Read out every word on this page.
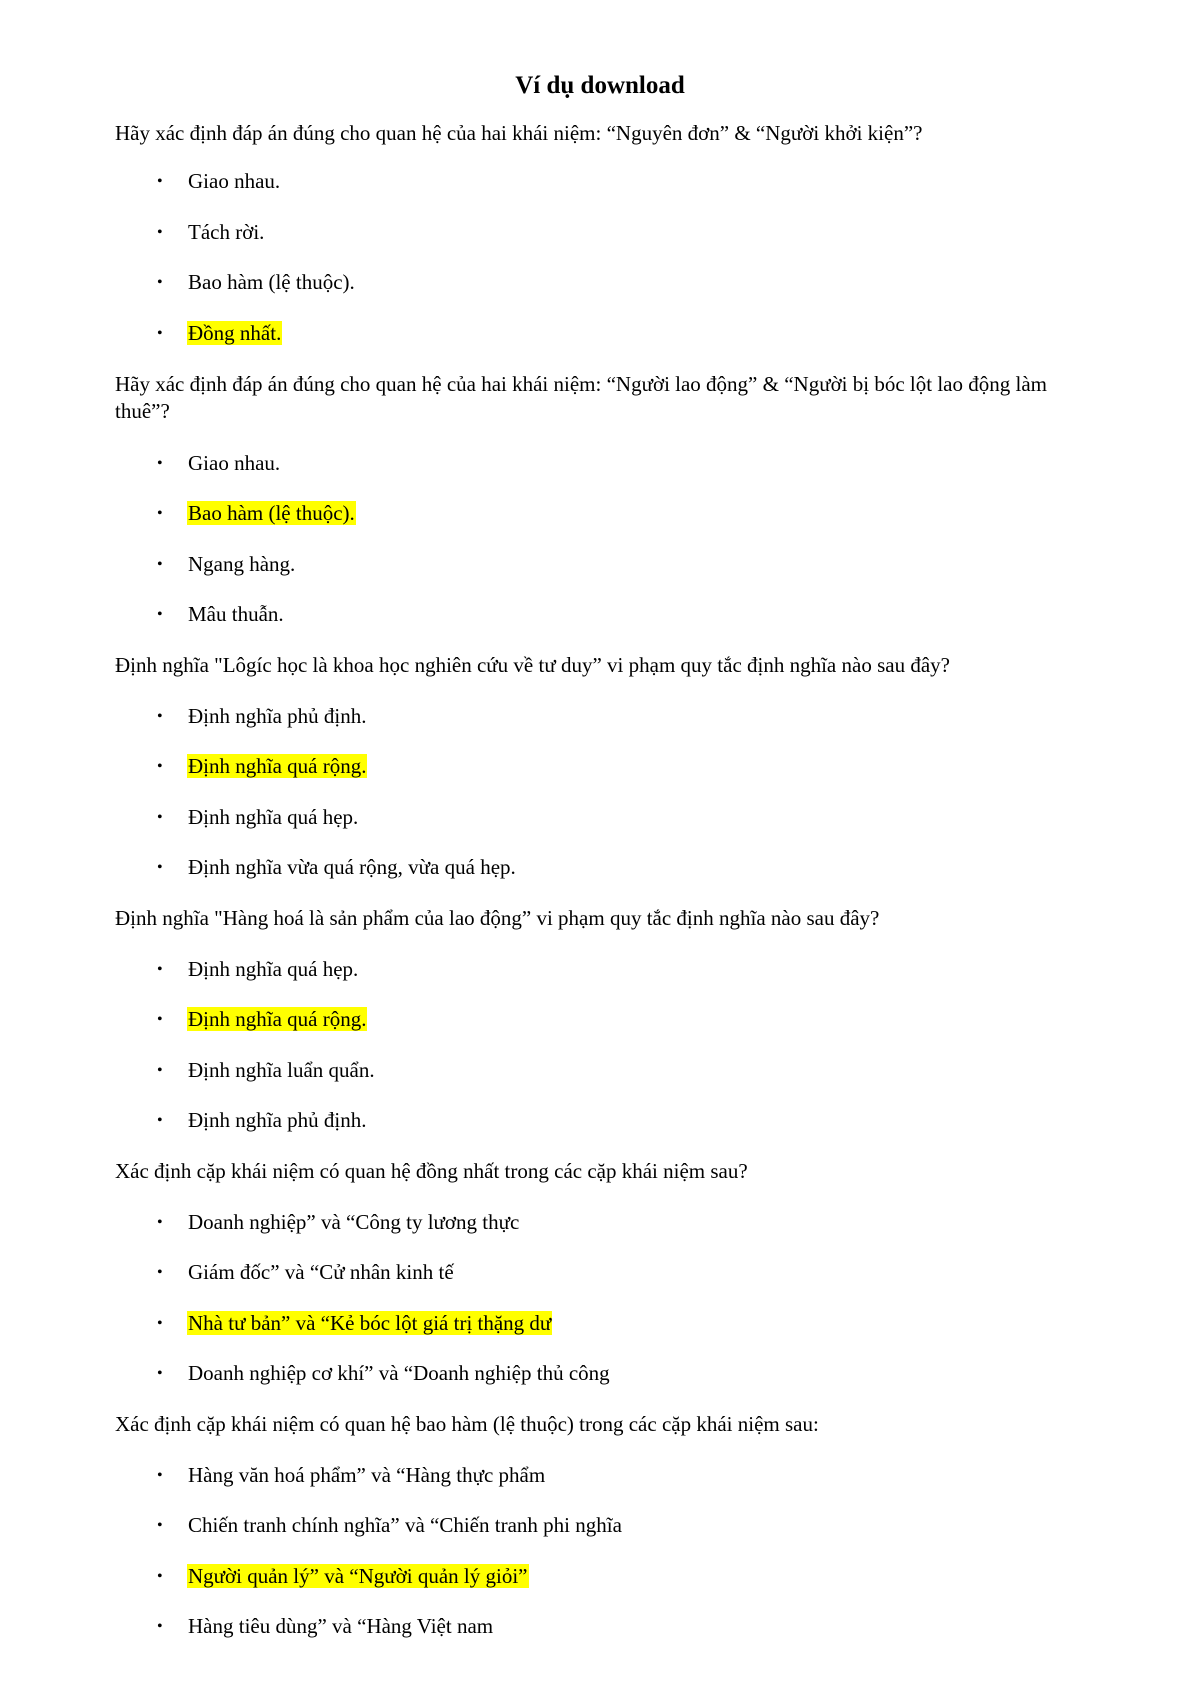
Ví dụ download

Hãy xác định đáp án đúng cho quan hệ của hai khái niệm: “Nguyên đơn” & “Người khởi kiện”?

• Giao nhau.

• Tách rời.

• Bao hàm (lệ thuộc).

• Đồng nhất.

Hãy xác định đáp án đúng cho quan hệ của hai khái niệm: “Người lao động” & “Người bị bóc lột lao động làm thuê”?

• Giao nhau.

• Bao hàm (lệ thuộc).

• Ngang hàng.

• Mâu thuẫn.

Định nghĩa "Lôgíc học là khoa học nghiên cứu về tư duy” vi phạm quy tắc định nghĩa nào sau đây?

• Định nghĩa phủ định.

• Định nghĩa quá rộng.

• Định nghĩa quá hẹp.

• Định nghĩa vừa quá rộng, vừa quá hẹp.

Định nghĩa "Hàng hoá là sản phẩm của lao động” vi phạm quy tắc định nghĩa nào sau đây?

• Định nghĩa quá hẹp.

• Định nghĩa quá rộng.

• Định nghĩa luẩn quẩn.

• Định nghĩa phủ định.

Xác định cặp khái niệm có quan hệ đồng nhất trong các cặp khái niệm sau?

• Doanh nghiệp” và “Công ty lương thực

• Giám đốc” và “Cử nhân kinh tế

• Nhà tư bản” và “Kẻ bóc lột giá trị thặng dư

• Doanh nghiệp cơ khí” và “Doanh nghiệp thủ công

Xác định cặp khái niệm có quan hệ bao hàm (lệ thuộc) trong các cặp khái niệm sau:

• Hàng văn hoá phẩm” và “Hàng thực phẩm

• Chiến tranh chính nghĩa” và “Chiến tranh phi nghĩa

• Người quản lý” và “Người quản lý giỏi”

• Hàng tiêu dùng” và “Hàng Việt nam
